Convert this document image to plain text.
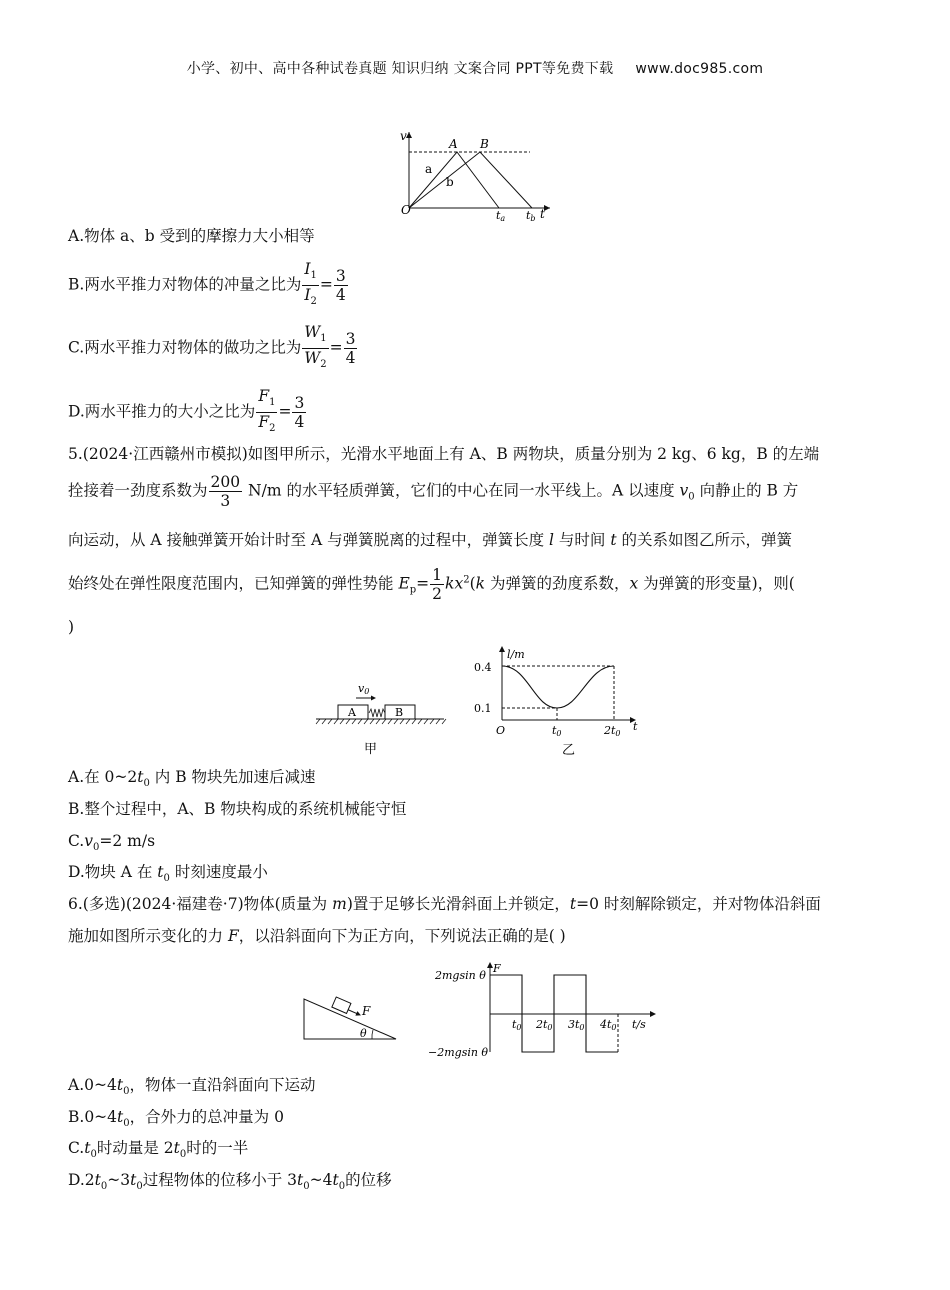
小学、初中、高中各种试卷真题 知识归纳 文案合同 PPT等免费下载 www.doc985.com
v
O	t
A B
a
b
ta tb
A.物体 a、b 受到的摩擦力大小相等
B.两水平推力对物体的冲量之比为 $\frac{I_1}{I_2} = \frac{3}{4}$
C.两水平推力对物体的做功之比为 $\frac{W_1}{W_2} = \frac{3}{4}$
D.两水平推力的大小之比为 $\frac{F_1}{F_2} = \frac{3}{4}$
5.(2024·江西赣州市模拟)如图甲所示，光滑水平地面上有 A、B 两物块，质量分别为 2 kg、6 kg，B 的左端
拴接着一劲度系数为 $\frac{200}{3} N/m$ 的水平轻质弹簧，它们的中心在同一水平线上。A 以速度 $v_0$ 向静止的 B 方
向运动，从 A 接触弹簧开始计时至 A 与弹簧脱离的过程中，弹簧长度 l 与时间 t 的关系如图乙所示，弹簧
始终处在弹性限度范围内，已知弹簧的弹性势能 $E_p= \frac{1}{2} kx^2(k$ 为弹簧的劲度系数，x 为弹簧的形变量)，则(
)
v0
A	B
甲
l/m
0.4
0.1
O	t0	2t0
t
乙
A.在 $0\sim 2t_0$ 内 B 物块先加速后减速
B.整个过程中，A、B 物块构成的系统机械能守恒
$C.v_0=2$ m/s
D.物块 A 在 $t_0$ 时刻速度最小
6.(多选)(2024·福建卷·7)物体(质量为 m)置于足够长光滑斜面上并锁定，t=0 时刻解除锁定，并对物体沿斜面
施加如图所示变化的力 F，以沿斜面向下为正方向，下列说法正确的是( )
F
θ
F
2mgsin θ
−2mgsin θ
t0 2t0 3t0 4t0 t/s
$A.0\sim 4t_0$，物体一直沿斜面向下运动
$B.0\sim 4t_0$，合外力的总冲量为 0
$C.t_0$时动量是 $2t_0$时的一半
$D.2t_0\sim 3t_0$过程物体的位移小于 $3t_0\sim 4t_0$的位移
